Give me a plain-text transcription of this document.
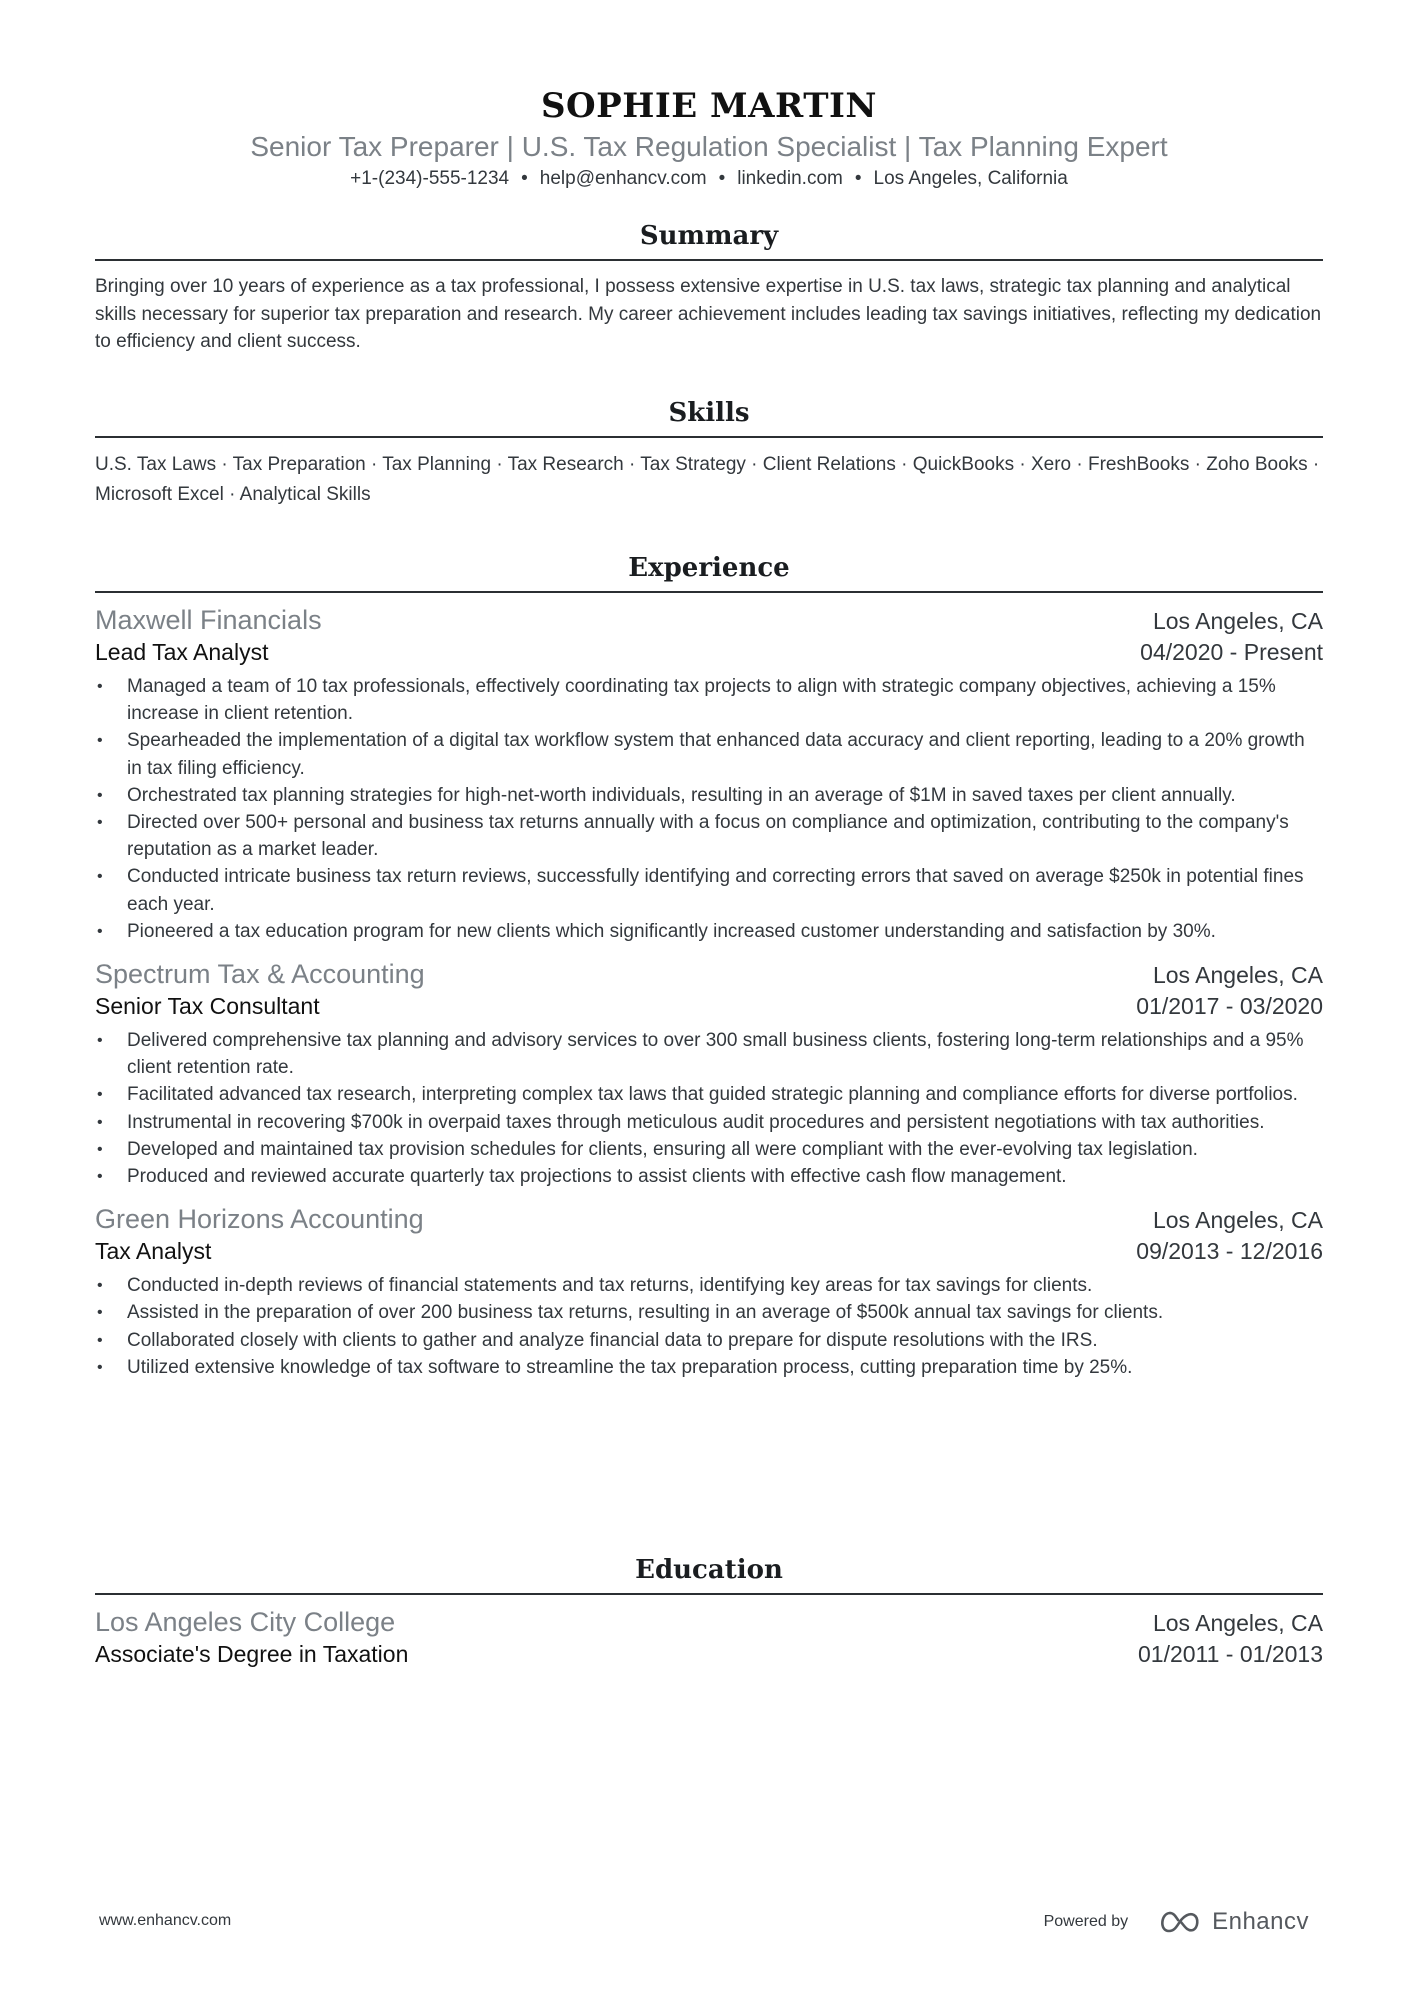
SOPHIE MARTIN
Senior Tax Preparer | U.S. Tax Regulation Specialist | Tax Planning Expert
+1-(234)-555-1234 • help@enhancv.com • linkedin.com • Los Angeles, California
Summary
Bringing over 10 years of experience as a tax professional, I possess extensive expertise in U.S. tax laws, strategic tax planning and analytical skills necessary for superior tax preparation and research. My career achievement includes leading tax savings initiatives, reflecting my dedication to efficiency and client success.
Skills
U.S. Tax Laws · Tax Preparation · Tax Planning · Tax Research · Tax Strategy · Client Relations · QuickBooks · Xero · FreshBooks · Zoho Books · Microsoft Excel · Analytical Skills
Experience
Maxwell Financials	Los Angeles, CA
Lead Tax Analyst	04/2020 - Present
• Managed a team of 10 tax professionals, effectively coordinating tax projects to align with strategic company objectives, achieving a 15% increase in client retention.
• Spearheaded the implementation of a digital tax workflow system that enhanced data accuracy and client reporting, leading to a 20% growth in tax filing efficiency.
• Orchestrated tax planning strategies for high-net-worth individuals, resulting in an average of $1M in saved taxes per client annually.
• Directed over 500+ personal and business tax returns annually with a focus on compliance and optimization, contributing to the company's reputation as a market leader.
• Conducted intricate business tax return reviews, successfully identifying and correcting errors that saved on average $250k in potential fines each year.
• Pioneered a tax education program for new clients which significantly increased customer understanding and satisfaction by 30%.
Spectrum Tax & Accounting	Los Angeles, CA
Senior Tax Consultant	01/2017 - 03/2020
• Delivered comprehensive tax planning and advisory services to over 300 small business clients, fostering long-term relationships and a 95% client retention rate.
• Facilitated advanced tax research, interpreting complex tax laws that guided strategic planning and compliance efforts for diverse portfolios.
• Instrumental in recovering $700k in overpaid taxes through meticulous audit procedures and persistent negotiations with tax authorities.
• Developed and maintained tax provision schedules for clients, ensuring all were compliant with the ever-evolving tax legislation.
• Produced and reviewed accurate quarterly tax projections to assist clients with effective cash flow management.
Green Horizons Accounting	Los Angeles, CA
Tax Analyst	09/2013 - 12/2016
• Conducted in-depth reviews of financial statements and tax returns, identifying key areas for tax savings for clients.
• Assisted in the preparation of over 200 business tax returns, resulting in an average of $500k annual tax savings for clients.
• Collaborated closely with clients to gather and analyze financial data to prepare for dispute resolutions with the IRS.
• Utilized extensive knowledge of tax software to streamline the tax preparation process, cutting preparation time by 25%.
Education
Los Angeles City College	Los Angeles, CA
Associate's Degree in Taxation	01/2011 - 01/2013
www.enhancv.com	Powered by	Enhancv
